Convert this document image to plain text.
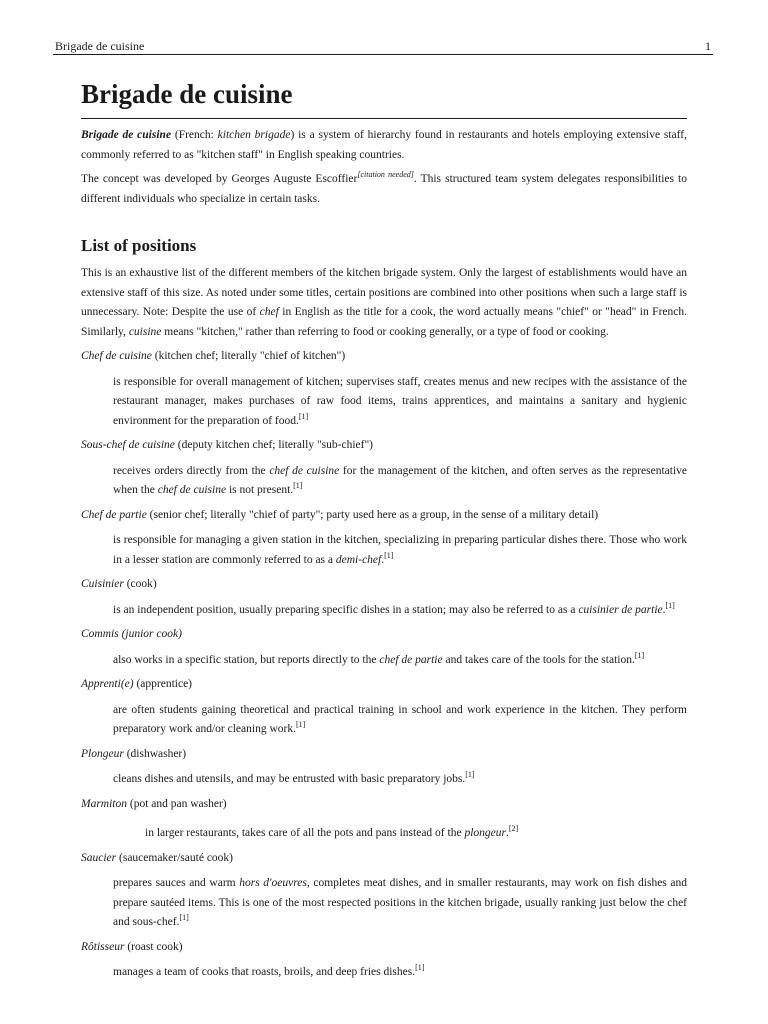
Brigade de cuisine	1
Brigade de cuisine

Brigade de cuisine (French: kitchen brigade) is a system of hierarchy found in restaurants and hotels employing extensive staff, commonly referred to as "kitchen staff" in English speaking countries.

The concept was developed by Georges Auguste Escoffier[citation needed]. This structured team system delegates responsibilities to different individuals who specialize in certain tasks.

List of positions

This is an exhaustive list of the different members of the kitchen brigade system. Only the largest of establishments would have an extensive staff of this size. As noted under some titles, certain positions are combined into other positions when such a large staff is unnecessary. Note: Despite the use of chef in English as the title for a cook, the word actually means "chief" or "head" in French. Similarly, cuisine means "kitchen," rather than referring to food or cooking generally, or a type of food or cooking.

Chef de cuisine (kitchen chef; literally "chief of kitchen")

is responsible for overall management of kitchen; supervises staff, creates menus and new recipes with the assistance of the restaurant manager, makes purchases of raw food items, trains apprentices, and maintains a sanitary and hygienic environment for the preparation of food.[1]

Sous-chef de cuisine (deputy kitchen chef; literally "sub-chief")

receives orders directly from the chef de cuisine for the management of the kitchen, and often serves as the representative when the chef de cuisine is not present.[1]

Chef de partie (senior chef; literally "chief of party"; party used here as a group, in the sense of a military detail)

is responsible for managing a given station in the kitchen, specializing in preparing particular dishes there. Those who work in a lesser station are commonly referred to as a demi-chef.[1]

Cuisinier (cook)

is an independent position, usually preparing specific dishes in a station; may also be referred to as a cuisinier de partie.[1]

Commis (junior cook)

also works in a specific station, but reports directly to the chef de partie and takes care of the tools for the station.[1]

Apprenti(e) (apprentice)

are often students gaining theoretical and practical training in school and work experience in the kitchen. They perform preparatory work and/or cleaning work.[1]

Plongeur (dishwasher)

cleans dishes and utensils, and may be entrusted with basic preparatory jobs.[1]

Marmiton (pot and pan washer)

in larger restaurants, takes care of all the pots and pans instead of the plongeur.[2]

Saucier (saucemaker/sauté cook)

prepares sauces and warm hors d'oeuvres, completes meat dishes, and in smaller restaurants, may work on fish dishes and prepare sautéed items. This is one of the most respected positions in the kitchen brigade, usually ranking just below the chef and sous-chef.[1]

Rôtisseur (roast cook)

manages a team of cooks that roasts, broils, and deep fries dishes.[1]
